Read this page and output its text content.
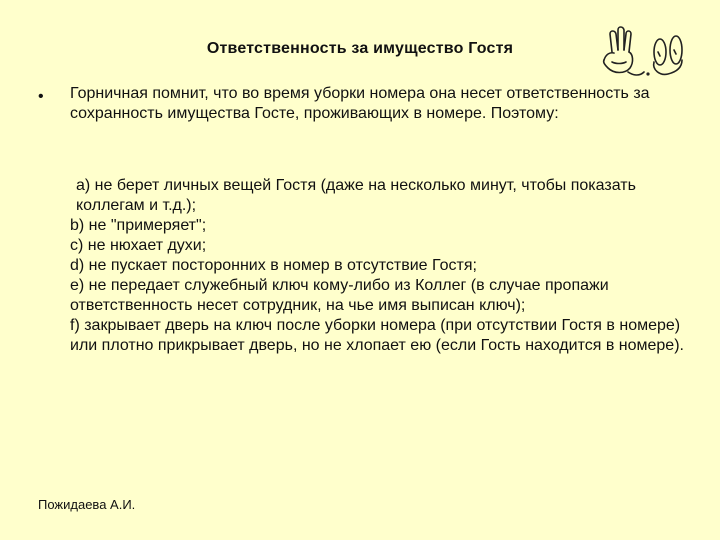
Ответственность за имущество Гостя
• Горничная помнит, что во время уборки номера она несет ответственность за сохранность имущества Госте, проживающих в номере. Поэтому:
a) не берет личных вещей Гостя (даже на несколько минут, чтобы показать коллегам и т.д.);
b) не "примеряет";
c) не нюхает духи;
d) не пускает посторонних в номер в отсутствие Гостя;
e) не передает служебный ключ кому-либо из Коллег (в случае пропажи ответственность несет сотрудник, на чье имя выписан ключ);
f) закрывает дверь на ключ после уборки номера (при отсутствии Гостя в номере) или плотно прикрывает дверь, но не хлопает ею (если Гость находится в номере).
Пожидаева А.И.
